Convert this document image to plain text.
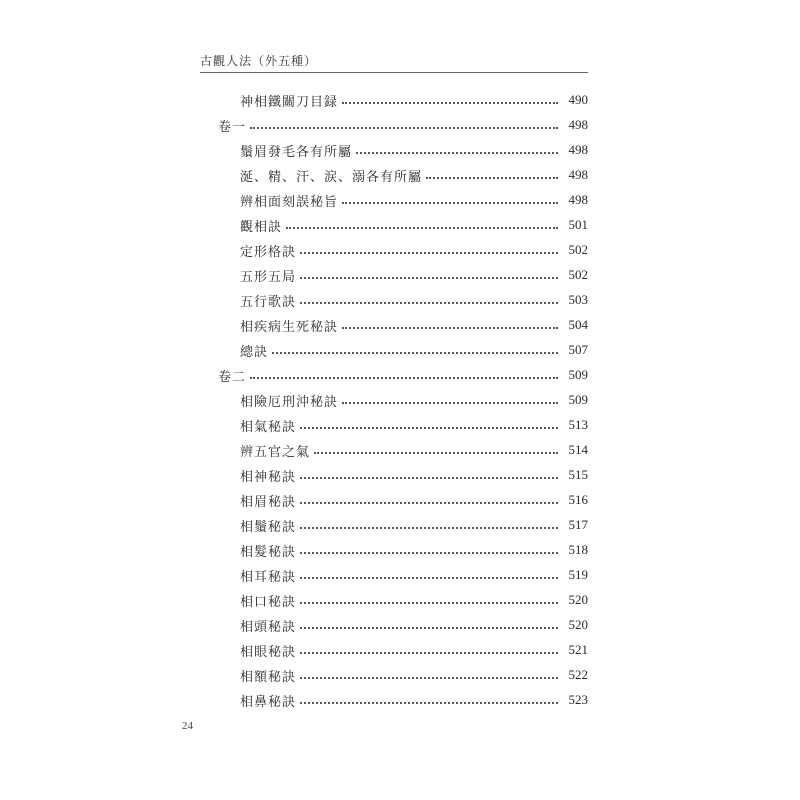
古觀人法（外五種）
神相鐵關刀目録	490
卷一	498
鬚眉發毛各有所屬	498
涎、精、汗、涙、溺各有所屬	498
辨相面刻誤秘旨	498
觀相訣	501
定形格訣	502
五形五局	502
五行歌訣	503
相疾病生死秘訣	504
總訣	507
卷二	509
相險厄刑沖秘訣	509
相氣秘訣	513
辨五官之氣	514
相神秘訣	515
相眉秘訣	516
相鬚秘訣	517
相髮秘訣	518
相耳秘訣	519
相口秘訣	520
相頭秘訣	520
相眼秘訣	521
相額秘訣	522
相鼻秘訣	523
24
